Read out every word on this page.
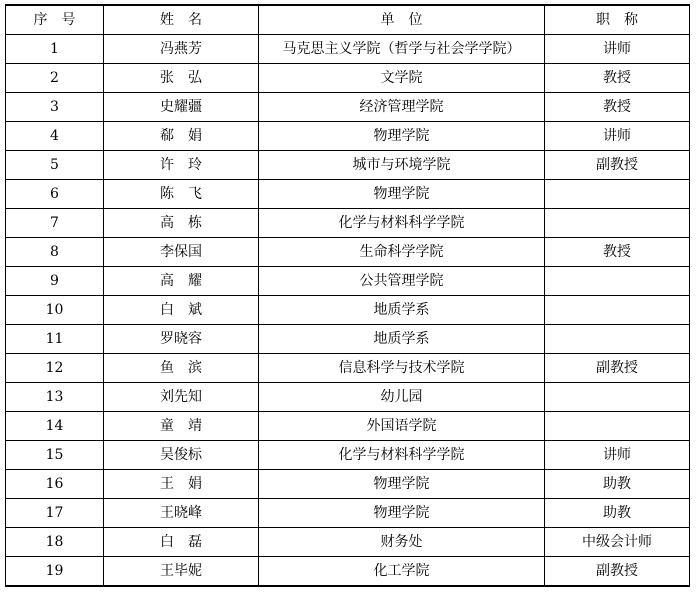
序　号	姓　名	单　位	职　称
1	冯燕芳	马克思主义学院（哲学与社会学学院）	讲师
2	张　弘	文学院	教授
3	史耀疆	经济管理学院	教授
4	郗　娟	物理学院	讲师
5	许　玲	城市与环境学院	副教授
6	陈　飞	物理学院	
7	高　栋	化学与材料科学学院	
8	李保国	生命科学学院	教授
9	高　耀	公共管理学院	
10	白　斌	地质学系	
11	罗晓容	地质学系	
12	鱼　滨	信息科学与技术学院	副教授
13	刘先知	幼儿园	
14	童　靖	外国语学院	
15	吴俊标	化学与材料科学学院	讲师
16	王　娟	物理学院	助教
17	王晓峰	物理学院	助教
18	白　磊	财务处	中级会计师
19	王毕妮	化工学院	副教授
